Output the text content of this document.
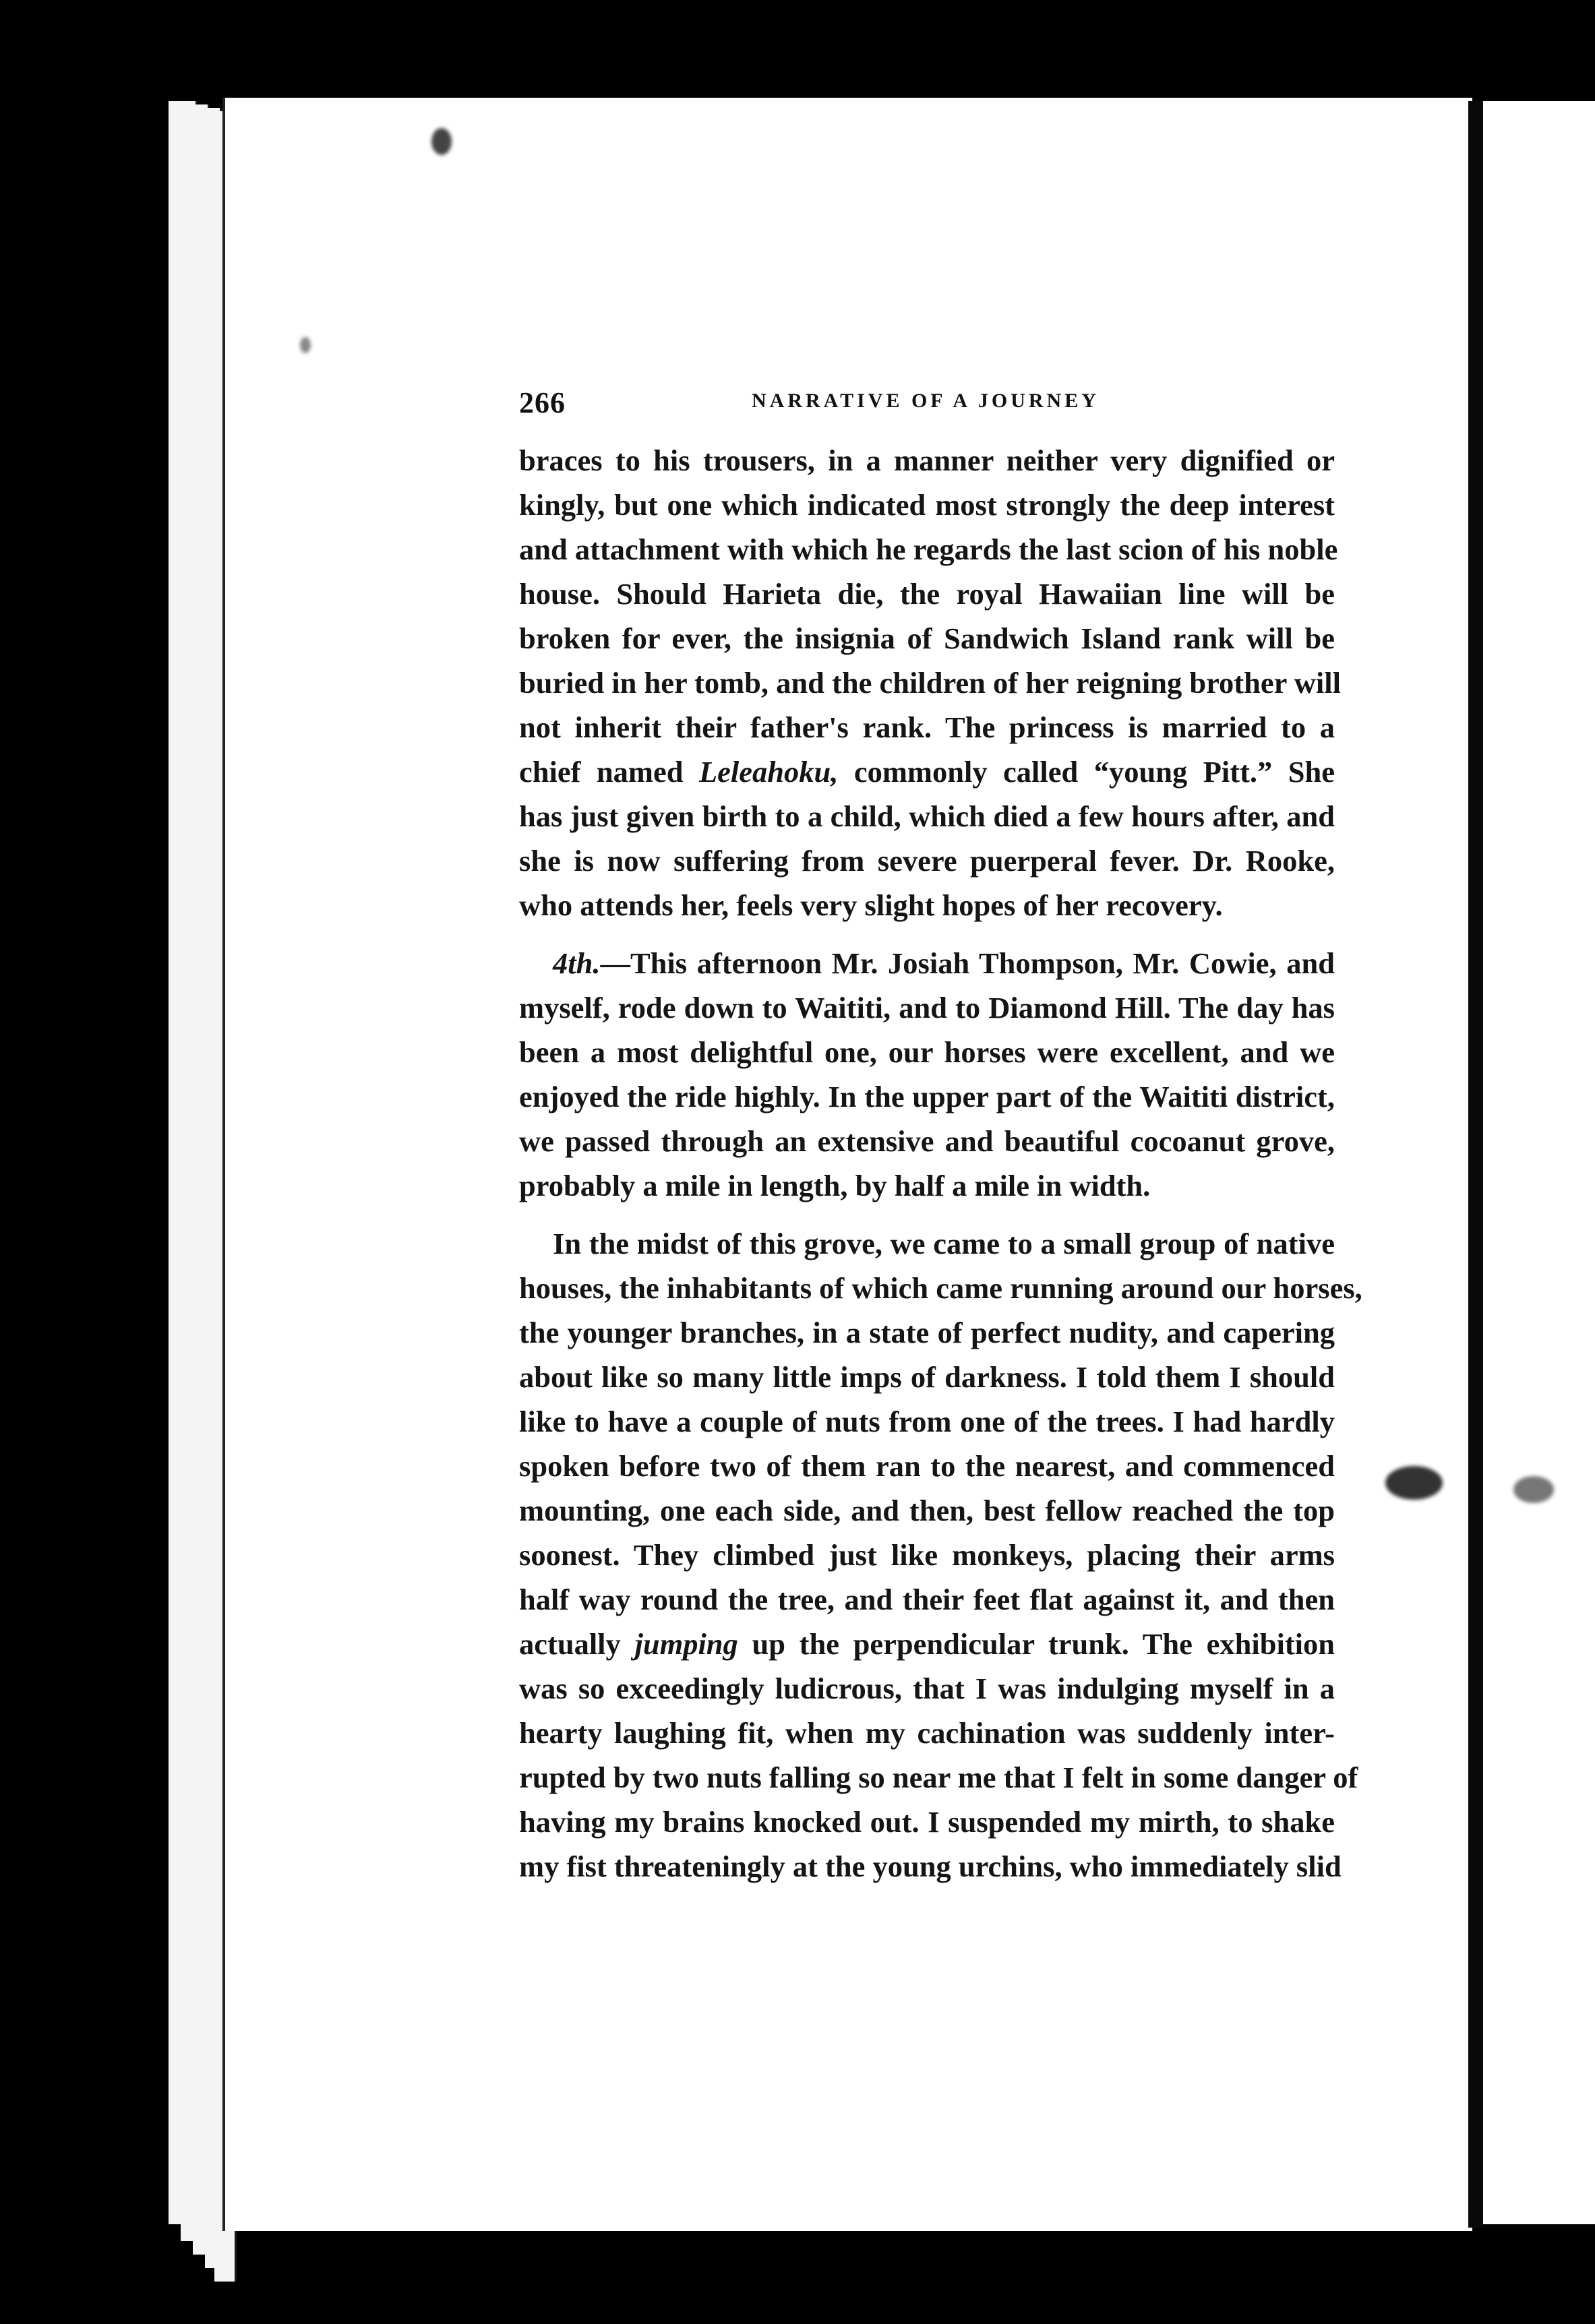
266	NARRATIVE OF A JOURNEY

braces to his trousers, in a manner neither very dignified or
kingly, but one which indicated most strongly the deep interest
and attachment with which he regards the last scion of his noble
house. Should Harieta die, the royal Hawaiian line will be
broken for ever, the insignia of Sandwich Island rank will be
buried in her tomb, and the children of her reigning brother will
not inherit their father's rank. The princess is married to a
chief named Leleahoku, commonly called “young Pitt.” She
has just given birth to a child, which died a few hours after, and
she is now suffering from severe puerperal fever. Dr. Rooke,
who attends her, feels very slight hopes of her recovery.

4th.—This afternoon Mr. Josiah Thompson, Mr. Cowie, and
myself, rode down to Waititi, and to Diamond Hill. The day has
been a most delightful one, our horses were excellent, and we
enjoyed the ride highly. In the upper part of the Waititi district,
we passed through an extensive and beautiful cocoanut grove,
probably a mile in length, by half a mile in width.

In the midst of this grove, we came to a small group of native
houses, the inhabitants of which came running around our horses,
the younger branches, in a state of perfect nudity, and capering
about like so many little imps of darkness. I told them I should
like to have a couple of nuts from one of the trees. I had hardly
spoken before two of them ran to the nearest, and commenced
mounting, one each side, and then, best fellow reached the top
soonest. They climbed just like monkeys, placing their arms
half way round the tree, and their feet flat against it, and then
actually jumping up the perpendicular trunk. The exhibition
was so exceedingly ludicrous, that I was indulging myself in a
hearty laughing fit, when my cachination was suddenly inter-
rupted by two nuts falling so near me that I felt in some danger of
having my brains knocked out. I suspended my mirth, to shake
my fist threateningly at the young urchins, who immediately slid
